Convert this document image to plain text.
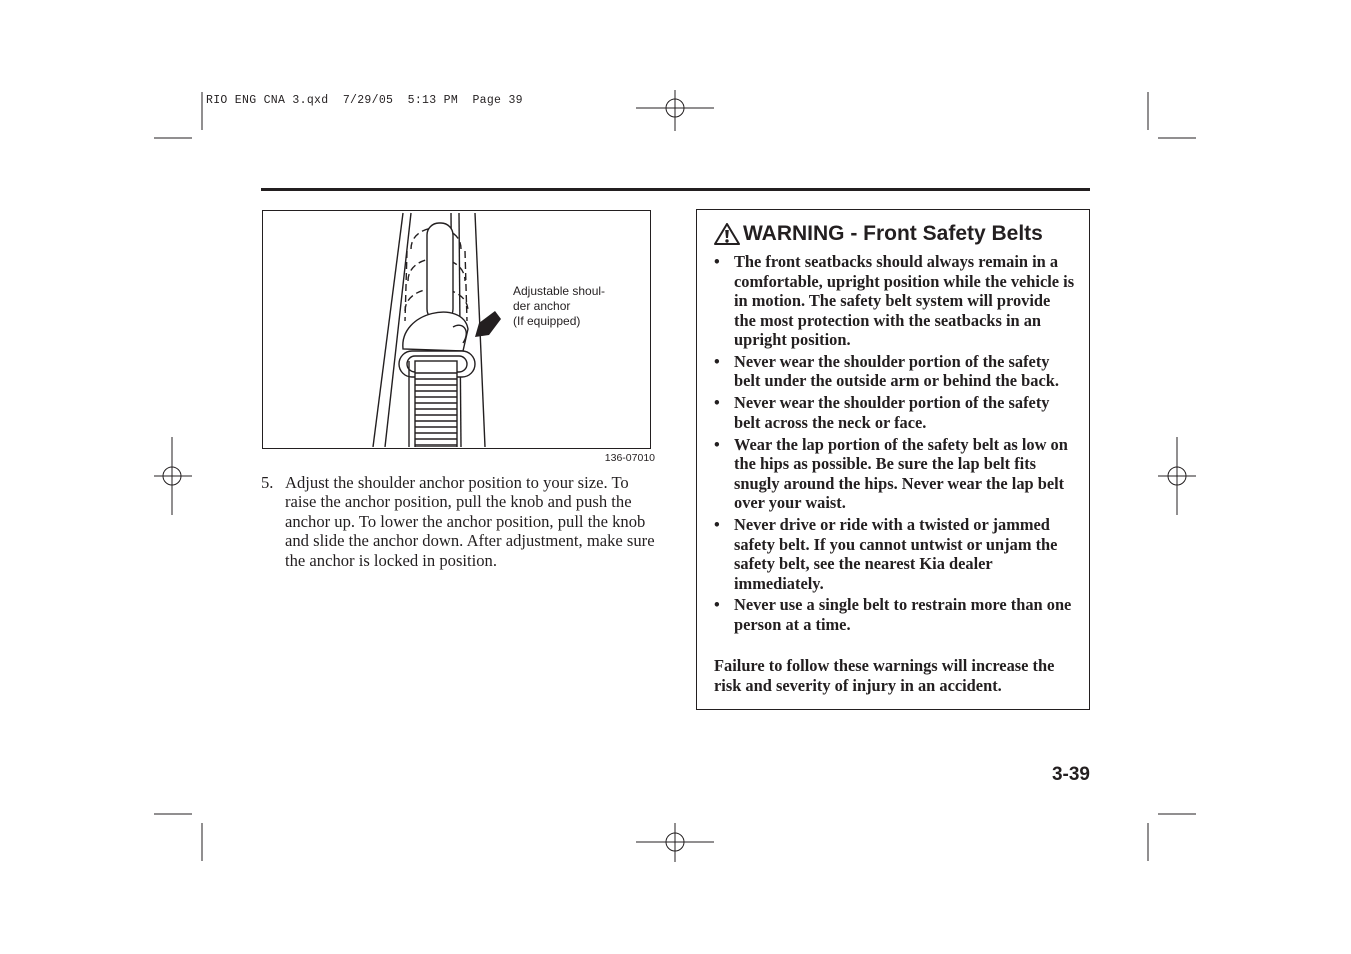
RIO ENG CNA 3.qxd  7/29/05  5:13 PM  Page 39
Adjustable shoul-
der anchor
(If equipped)
136-07010
5. Adjust the shoulder anchor position to your size. To raise the anchor position, pull the knob and push the anchor up. To lower the anchor position, pull the knob and slide the anchor down. After adjustment, make sure the anchor is locked in position.
WARNING - Front Safety Belts
• The front seatbacks should always remain in a comfortable, upright position while the vehicle is in motion. The safety belt system will provide the most protection with the seatbacks in an upright position.
• Never wear the shoulder portion of the safety belt under the outside arm or behind the back.
• Never wear the shoulder portion of the safety belt across the neck or face.
• Wear the lap portion of the safety belt as low on the hips as possible. Be sure the lap belt fits snugly around the hips. Never wear the lap belt over your waist.
• Never drive or ride with a twisted or jammed safety belt. If you cannot untwist or unjam the safety belt, see the nearest Kia dealer immediately.
• Never use a single belt to restrain more than one person at a time.
Failure to follow these warnings will increase the risk and severity of injury in an accident.
3-39
